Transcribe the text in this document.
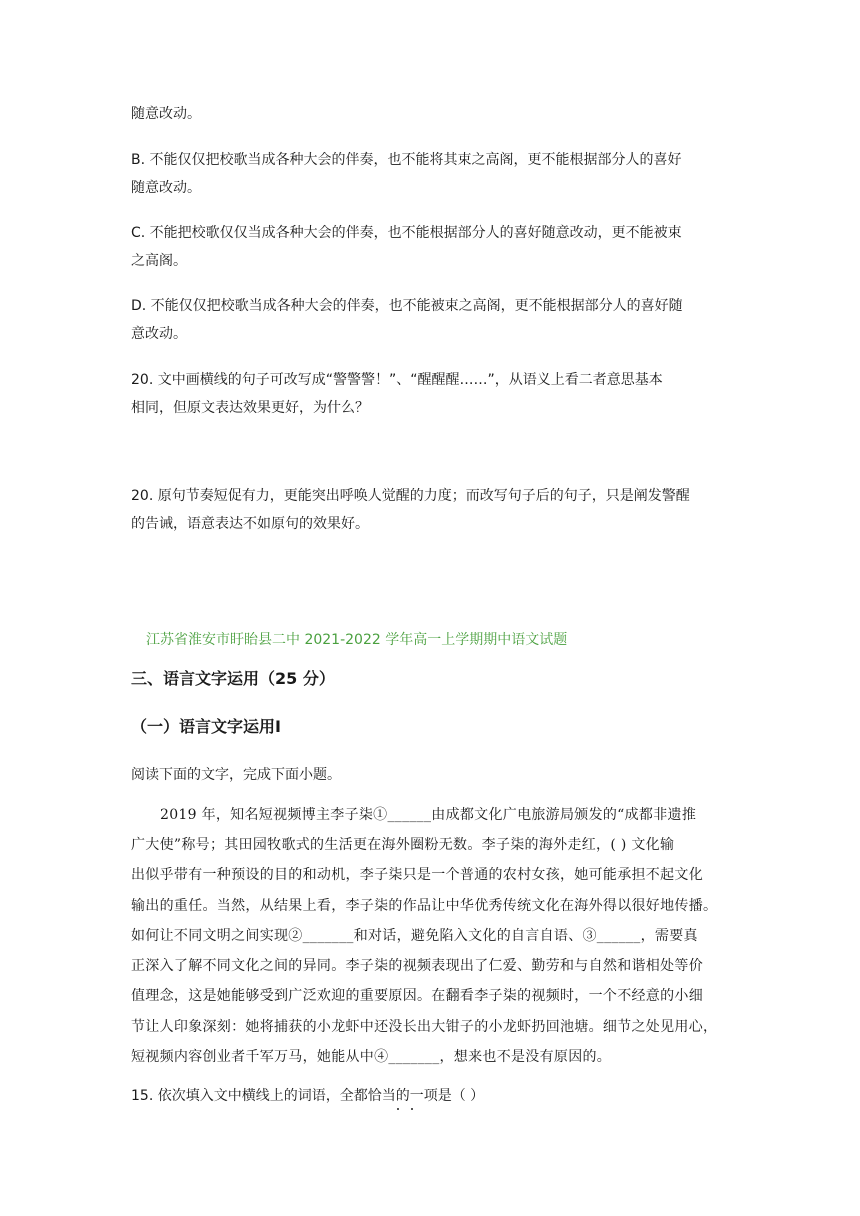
随意改动。
B. 不能仅仅把校歌当成各种大会的伴奏，也不能将其束之高阁，更不能根据部分人的喜好
随意改动。
C. 不能把校歌仅仅当成各种大会的伴奏，也不能根据部分人的喜好随意改动，更不能被束
之高阁。
D. 不能仅仅把校歌当成各种大会的伴奏，也不能被束之高阁，更不能根据部分人的喜好随
意改动。
20. 文中画横线的句子可改写成“警警警！”、“醒醒醒……”，从语义上看二者意思基本
相同，但原文表达效果更好，为什么？
20. 原句节奏短促有力，更能突出呼唤人觉醒的力度；而改写句子后的句子，只是阐发警醒
的告诫，语意表达不如原句的效果好。
江苏省淮安市盱眙县二中 2021-2022 学年高一上学期期中语文试题
三、语言文字运用（25 分）
（一）语言文字运用Ⅰ
阅读下面的文字，完成下面小题。
2019 年，知名短视频博主李子柒①______由成都文化广电旅游局颁发的“成都非遗推
广大使”称号；其田园牧歌式的生活更在海外圈粉无数。李子柒的海外走红，( ) 文化输
出似乎带有一种预设的目的和动机，李子柒只是一个普通的农村女孩，她可能承担不起文化
输出的重任。当然，从结果上看，李子柒的作品让中华优秀传统文化在海外得以很好地传播。
如何让不同文明之间实现②_______和对话，避免陷入文化的自言自语、③______，需要真
正深入了解不同文化之间的异同。李子柒的视频表现出了仁爱、勤劳和与自然和谐相处等价
值理念，这是她能够受到广泛欢迎的重要原因。在翻看李子柒的视频时，一个不经意的小细
节让人印象深刻：她将捕获的小龙虾中还没长出大钳子的小龙虾扔回池塘。细节之处见用心，
短视频内容创业者千军万马，她能从中④_______，想来也不是没有原因的。
15. 依次填入文中横线上的词语，全都恰当的一项是（ ）
